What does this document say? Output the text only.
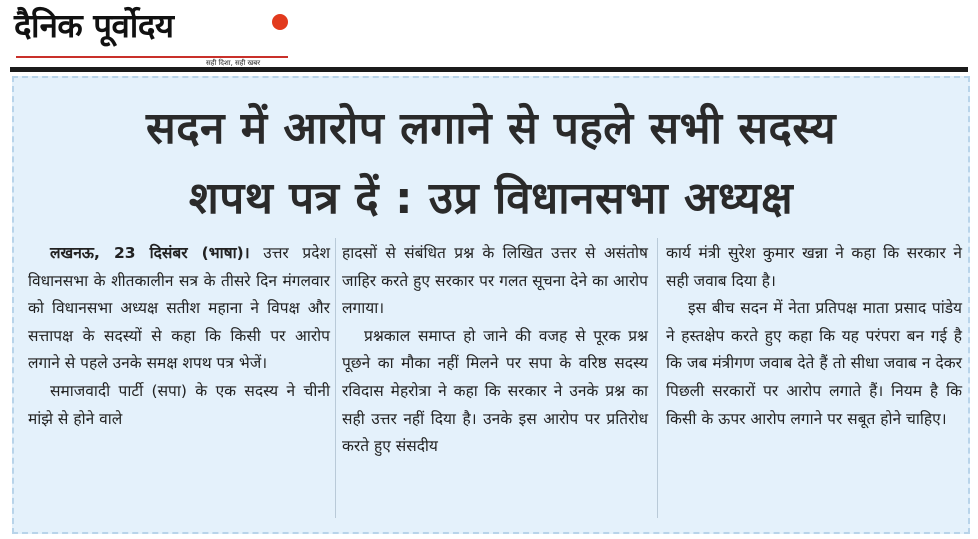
दैनिक पूर्वोदय
सही दिशा, सही खबर
सदन में आरोप लगाने से पहले सभी सदस्य
शपथ पत्र दें : उप्र विधानसभा अध्यक्ष

लखनऊ, 23 दिसंबर (भाषा)। उत्तर प्रदेश विधानसभा के शीतकालीन सत्र के तीसरे दिन मंगलवार को विधानसभा अध्यक्ष सतीश महाना ने विपक्ष और सत्तापक्ष के सदस्यों से कहा कि किसी पर आरोप लगाने से पहले उनके समक्ष शपथ पत्र भेजें।

समाजवादी पार्टी (सपा) के एक सदस्य ने चीनी मांझे से होने वाले

हादसों से संबंधित प्रश्न के लिखित उत्तर से असंतोष जाहिर करते हुए सरकार पर गलत सूचना देने का आरोप लगाया।

प्रश्नकाल समाप्त हो जाने की वजह से पूरक प्रश्न पूछने का मौका नहीं मिलने पर सपा के वरिष्ठ सदस्य रविदास मेहरोत्रा ने कहा कि सरकार ने उनके प्रश्न का सही उत्तर नहीं दिया है। उनके इस आरोप पर प्रतिरोध करते हुए संसदीय

कार्य मंत्री सुरेश कुमार खन्ना ने कहा कि सरकार ने सही जवाब दिया है।

इस बीच सदन में नेता प्रतिपक्ष माता प्रसाद पांडेय ने हस्तक्षेप करते हुए कहा कि यह परंपरा बन गई है कि जब मंत्रीगण जवाब देते हैं तो सीधा जवाब न देकर पिछली सरकारों पर आरोप लगाते हैं। नियम है कि किसी के ऊपर आरोप लगाने पर सबूत होने चाहिए।
